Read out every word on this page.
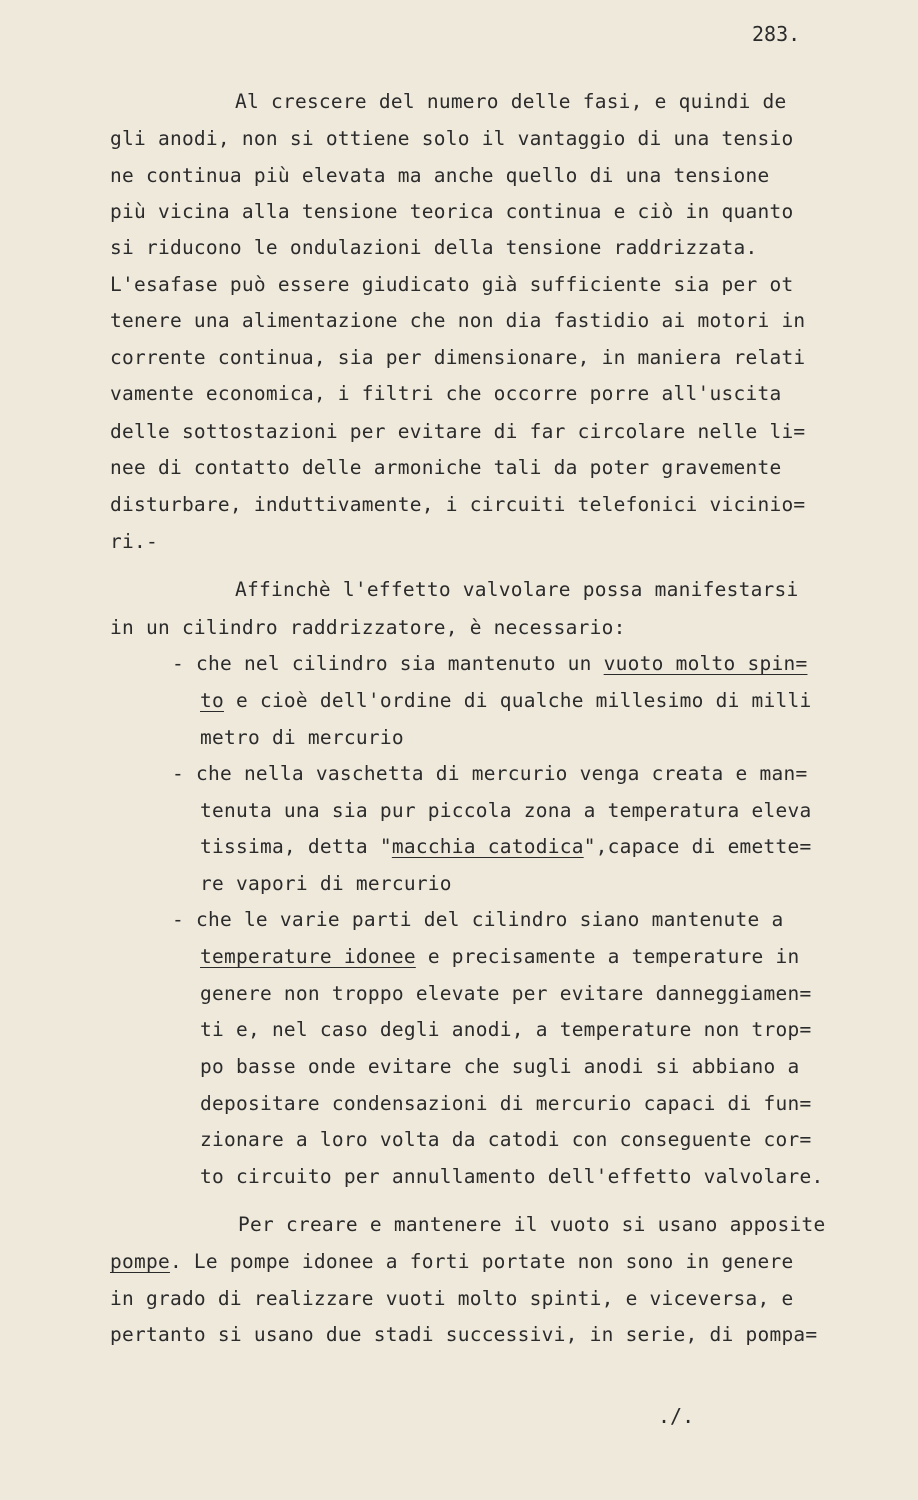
283.
Al crescere del numero delle fasi, e quindi de
gli anodi, non si ottiene solo il vantaggio di una tensio
ne continua più elevata ma anche quello di una tensione
più vicina alla tensione teorica continua e ciò in quanto
si riducono le ondulazioni della tensione raddrizzata.
L'esafase può essere giudicato già sufficiente sia per ot
tenere una alimentazione che non dia fastidio ai motori in
corrente continua, sia per dimensionare, in maniera relati
vamente economica, i filtri che occorre porre all'uscita
delle sottostazioni per evitare di far circolare nelle li=
nee di contatto delle armoniche tali da poter gravemente
disturbare, induttivamente, i circuiti telefonici vicinio=
ri.-
Affinchè l'effetto valvolare possa manifestarsi
in un cilindro raddrizzatore, è necessario:
- che nel cilindro sia mantenuto un vuoto molto spin=
to e cioè dell'ordine di qualche millesimo di milli
metro di mercurio
- che nella vaschetta di mercurio venga creata e man=
tenuta una sia pur piccola zona a temperatura eleva
tissima, detta "macchia catodica",capace di emette=
re vapori di mercurio
- che le varie parti del cilindro siano mantenute a
temperature idonee e precisamente a temperature in
genere non troppo elevate per evitare danneggiamen=
ti e, nel caso degli anodi, a temperature non trop=
po basse onde evitare che sugli anodi si abbiano a
depositare condensazioni di mercurio capaci di fun=
zionare a loro volta da catodi con conseguente cor=
to circuito per annullamento dell'effetto valvolare.
Per creare e mantenere il vuoto si usano apposite
pompe. Le pompe idonee a forti portate non sono in genere
in grado di realizzare vuoti molto spinti, e viceversa, e
pertanto si usano due stadi successivi, in serie, di pompa=
./.
